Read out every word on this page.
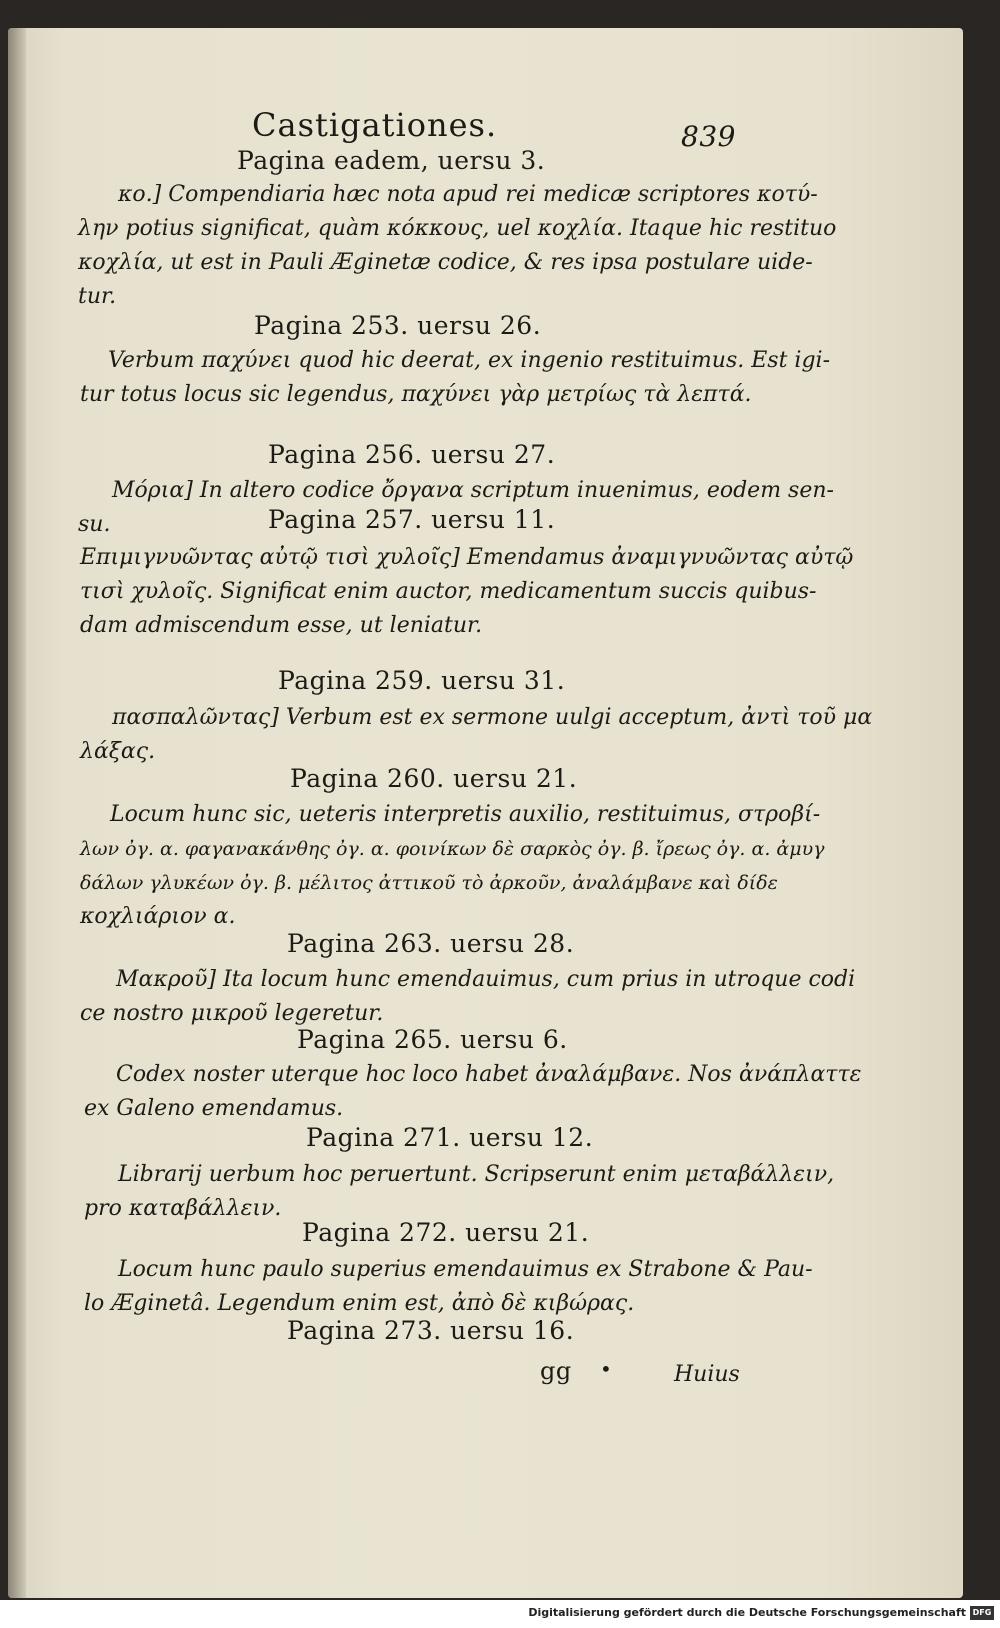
Castigationes.	839
Pagina eadem, uersu 3.
κο.] Compendiaria hæc nota apud rei medicæ scriptores κοτύ-
λην potius significat, quàm κόκκους, uel κοχλία. Itaque hic restituo
κοχλία, ut est in Pauli Æginetæ codice, & res ipsa postulare uide-
tur.
Pagina 253. uersu 26.
Verbum παχύνει quod hic deerat, ex ingenio restituimus. Est igi-
tur totus locus sic legendus, παχύνει γὰρ μετρίως τὰ λεπτά.
Pagina 256. uersu 27.
Μόρια] In altero codice ὄργανα scriptum inuenimus, eodem sen-
su.	Pagina 257. uersu 11.
Επιμιγνυῶντας αὐτῷ τισὶ χυλοῖς] Emendamus ἀναμιγνυῶντας αὐτῷ
τισὶ χυλοῖς. Significat enim auctor, medicamentum succis quibus-
dam admiscendum esse, ut leniatur.
Pagina 259. uersu 31.
πασπαλῶντας] Verbum est ex sermone uulgi acceptum, ἀντὶ τοῦ μα
λάξας.
Pagina 260. uersu 21.
Locum hunc sic, ueteris interpretis auxilio, restituimus, στροβί-
λων ὀγ. α. φαγανακάνθης ὀγ. α. φοινίκων δὲ σαρκὸς ὀγ. β. ἴρεως ὀγ. α. ἀμυγ
δάλων γλυκέων ὀγ. β. μέλιτος ἀττικοῦ τὸ ἀρκοῦν, ἀναλάμβανε καὶ δίδε
κοχλιάριον α.
Pagina 263. uersu 28.
Μακροῦ] Ita locum hunc emendauimus, cum prius in utroque codi
ce nostro μικροῦ legeretur.
Pagina 265. uersu 6.
Codex noster uterque hoc loco habet ἀναλάμβανε. Nos ἀνάπλαττε
ex Galeno emendamus.
Pagina 271. uersu 12.
Librarij uerbum hoc peruertunt. Scripserunt enim μεταβάλλειν,
pro καταβάλλειν.
Pagina 272. uersu 21.
Locum hunc paulo superius emendauimus ex Strabone & Pau-
lo Æginetâ. Legendum enim est, ἀπὸ δὲ κιβώρας.
Pagina 273. uersu 16.
gg •	Huius
Digitalisierung gefördert durch die Deutsche Forschungsgemeinschaft DFG
